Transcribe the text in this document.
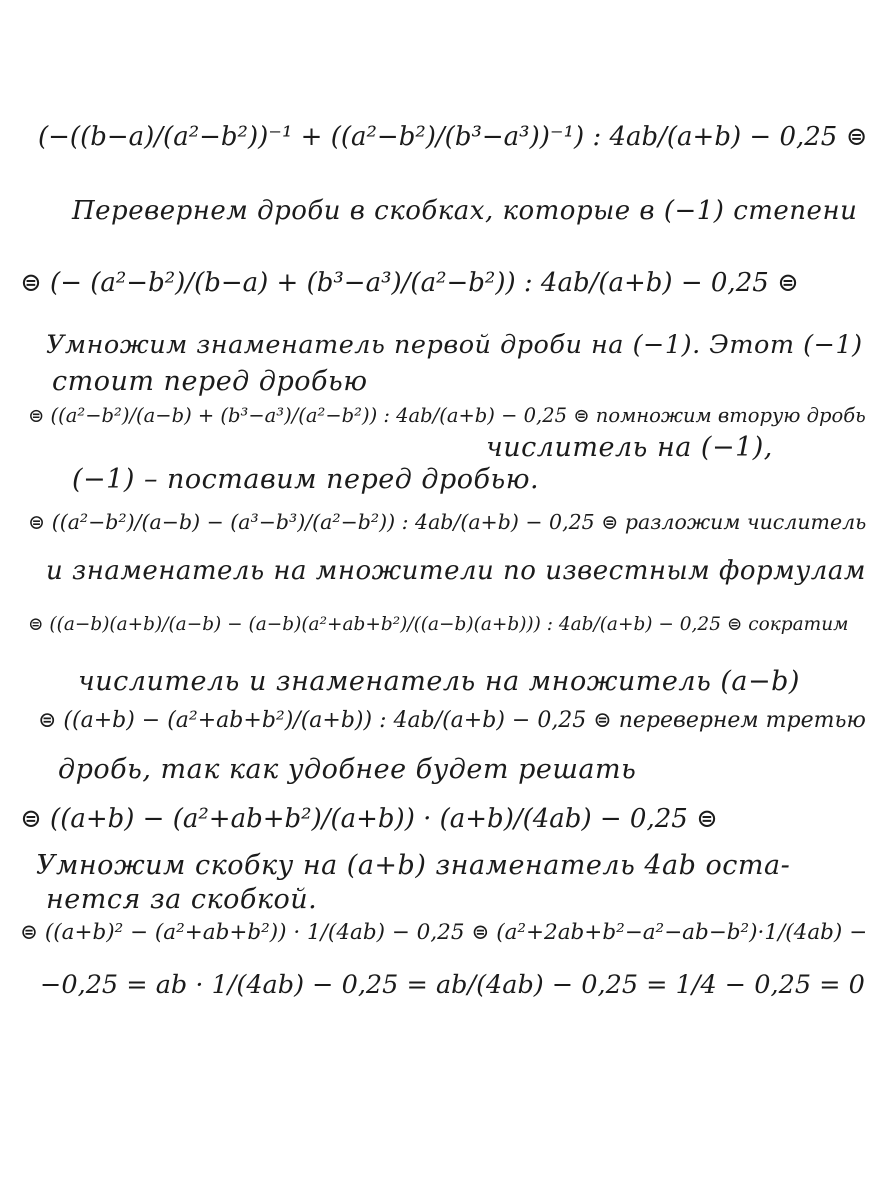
(−((b−a)/(a²−b²))⁻¹ + ((a²−b²)/(b³−a³))⁻¹) : 4ab/(a+b) − 0,25 ⊜
Перевернем дроби в скобках, которые в (−1) степени
⊜ (− (a²−b²)/(b−a) + (b³−a³)/(a²−b²)) : 4ab/(a+b) − 0,25 ⊜
Умножим знаменатель первой дроби на (−1). Этот (−1)
стоит перед дробью
⊜ ((a²−b²)/(a−b) + (b³−a³)/(a²−b²)) : 4ab/(a+b) − 0,25 ⊜ помножим вторую дробь
числитель на (−1),
(−1) – поставим перед дробью.
⊜ ((a²−b²)/(a−b) − (a³−b³)/(a²−b²)) : 4ab/(a+b) − 0,25 ⊜ разложим числитель
и знаменатель на множители по известным формулам
⊜ ((a−b)(a+b)/(a−b) − (a−b)(a²+ab+b²)/((a−b)(a+b))) : 4ab/(a+b) − 0,25 ⊜ сократим
числитель и знаменатель на множитель (a−b)
⊜ ((a+b) − (a²+ab+b²)/(a+b)) : 4ab/(a+b) − 0,25 ⊜ перевернем третью
дробь, так как удобнее будет решать
⊜ ((a+b) − (a²+ab+b²)/(a+b)) · (a+b)/(4ab) − 0,25 ⊜
Умножим скобку на (a+b) знаменатель 4ab оста-
нется за скобкой.
⊜ ((a+b)² − (a²+ab+b²)) · 1/(4ab) − 0,25 ⊜ (a²+2ab+b²−a²−ab−b²)·1/(4ab) −
−0,25 = ab · 1/(4ab) − 0,25 = ab/(4ab) − 0,25 = 1/4 − 0,25 = 0
